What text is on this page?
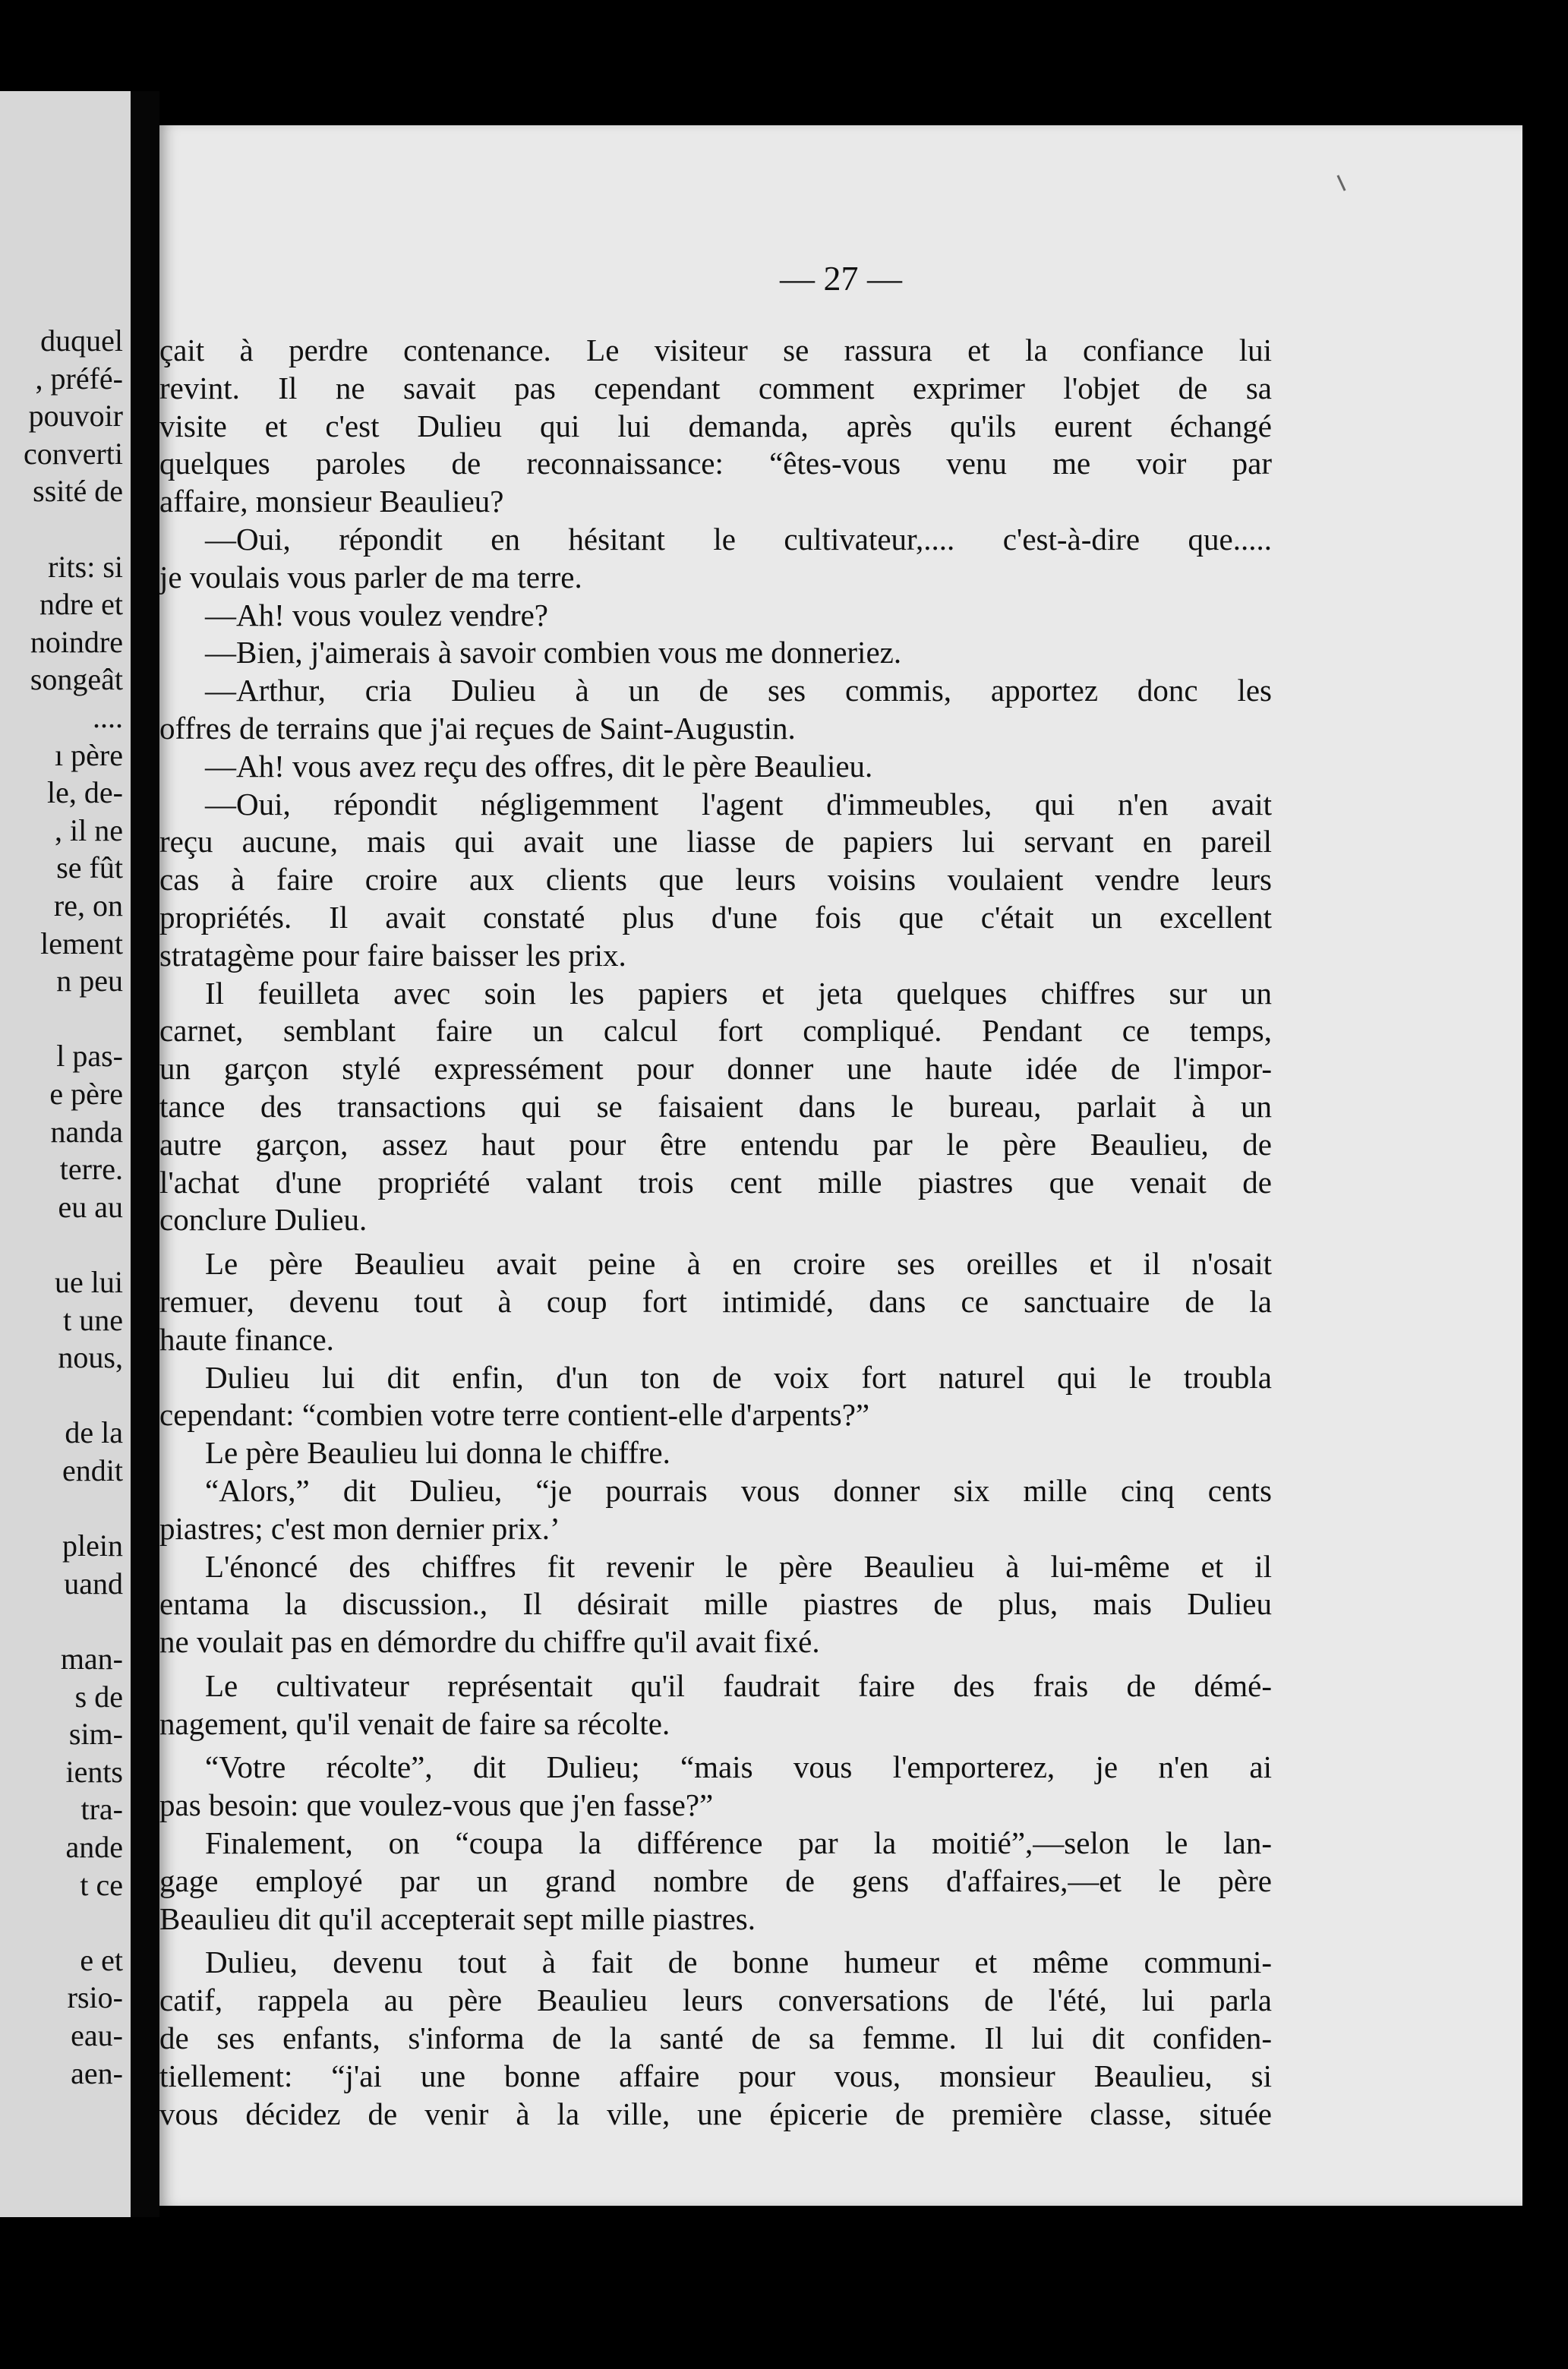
duquel
, préfé-
pouvoir
converti
ssité de
rits: si
ndre et
noindre
songeât
....
ı père
le, de-
, il ne
se fût
re, on
lement
n peu
l pas-
e père
nanda
terre.
eu au
ue lui
t une
nous,
de la
endit
plein
uand
man-
s de
sim-
ients
tra-
ande
t ce
e et
rsio-
eau-
aen-
— 27 —

çait à perdre contenance. Le visiteur se rassura et la confiance lui

revint. Il ne savait pas cependant comment exprimer l'objet de sa

visite et c'est Dulieu qui lui demanda, après qu'ils eurent échangé

quelques paroles de reconnaissance: “êtes-vous venu me voir par

affaire, monsieur Beaulieu?

—Oui, répondit en hésitant le cultivateur,.... c'est-à-dire que.....

je voulais vous parler de ma terre.

—Ah! vous voulez vendre?

—Bien, j'aimerais à savoir combien vous me donneriez.

—Arthur, cria Dulieu à un de ses commis, apportez donc les

offres de terrains que j'ai reçues de Saint-Augustin.

—Ah! vous avez reçu des offres, dit le père Beaulieu.

—Oui, répondit négligemment l'agent d'immeubles, qui n'en avait

reçu aucune, mais qui avait une liasse de papiers lui servant en pareil

cas à faire croire aux clients que leurs voisins voulaient vendre leurs

propriétés. Il avait constaté plus d'une fois que c'était un excellent

stratagème pour faire baisser les prix.

Il feuilleta avec soin les papiers et jeta quelques chiffres sur un

carnet, semblant faire un calcul fort compliqué. Pendant ce temps,

un garçon stylé expressément pour donner une haute idée de l'impor-

tance des transactions qui se faisaient dans le bureau, parlait à un

autre garçon, assez haut pour être entendu par le père Beaulieu, de

l'achat d'une propriété valant trois cent mille piastres que venait de

conclure Dulieu.

Le père Beaulieu avait peine à en croire ses oreilles et il n'osait

remuer, devenu tout à coup fort intimidé, dans ce sanctuaire de la

haute finance.

Dulieu lui dit enfin, d'un ton de voix fort naturel qui le troubla

cependant: “combien votre terre contient-elle d'arpents?”

Le père Beaulieu lui donna le chiffre.

“Alors,” dit Dulieu, “je pourrais vous donner six mille cinq cents

piastres; c'est mon dernier prix.’

L'énoncé des chiffres fit revenir le père Beaulieu à lui-même et il

entama la discussion., Il désirait mille piastres de plus, mais Dulieu

ne voulait pas en démordre du chiffre qu'il avait fixé.

Le cultivateur représentait qu'il faudrait faire des frais de démé-

nagement, qu'il venait de faire sa récolte.

“Votre récolte”, dit Dulieu; “mais vous l'emporterez, je n'en ai

pas besoin: que voulez-vous que j'en fasse?”

Finalement, on “coupa la différence par la moitié”,—selon le lan-

gage employé par un grand nombre de gens d'affaires,—et le père

Beaulieu dit qu'il accepterait sept mille piastres.

Dulieu, devenu tout à fait de bonne humeur et même communi-

catif, rappela au père Beaulieu leurs conversations de l'été, lui parla

de ses enfants, s'informa de la santé de sa femme. Il lui dit confiden-

tiellement: “j'ai une bonne affaire pour vous, monsieur Beaulieu, si

vous décidez de venir à la ville, une épicerie de première classe, située
